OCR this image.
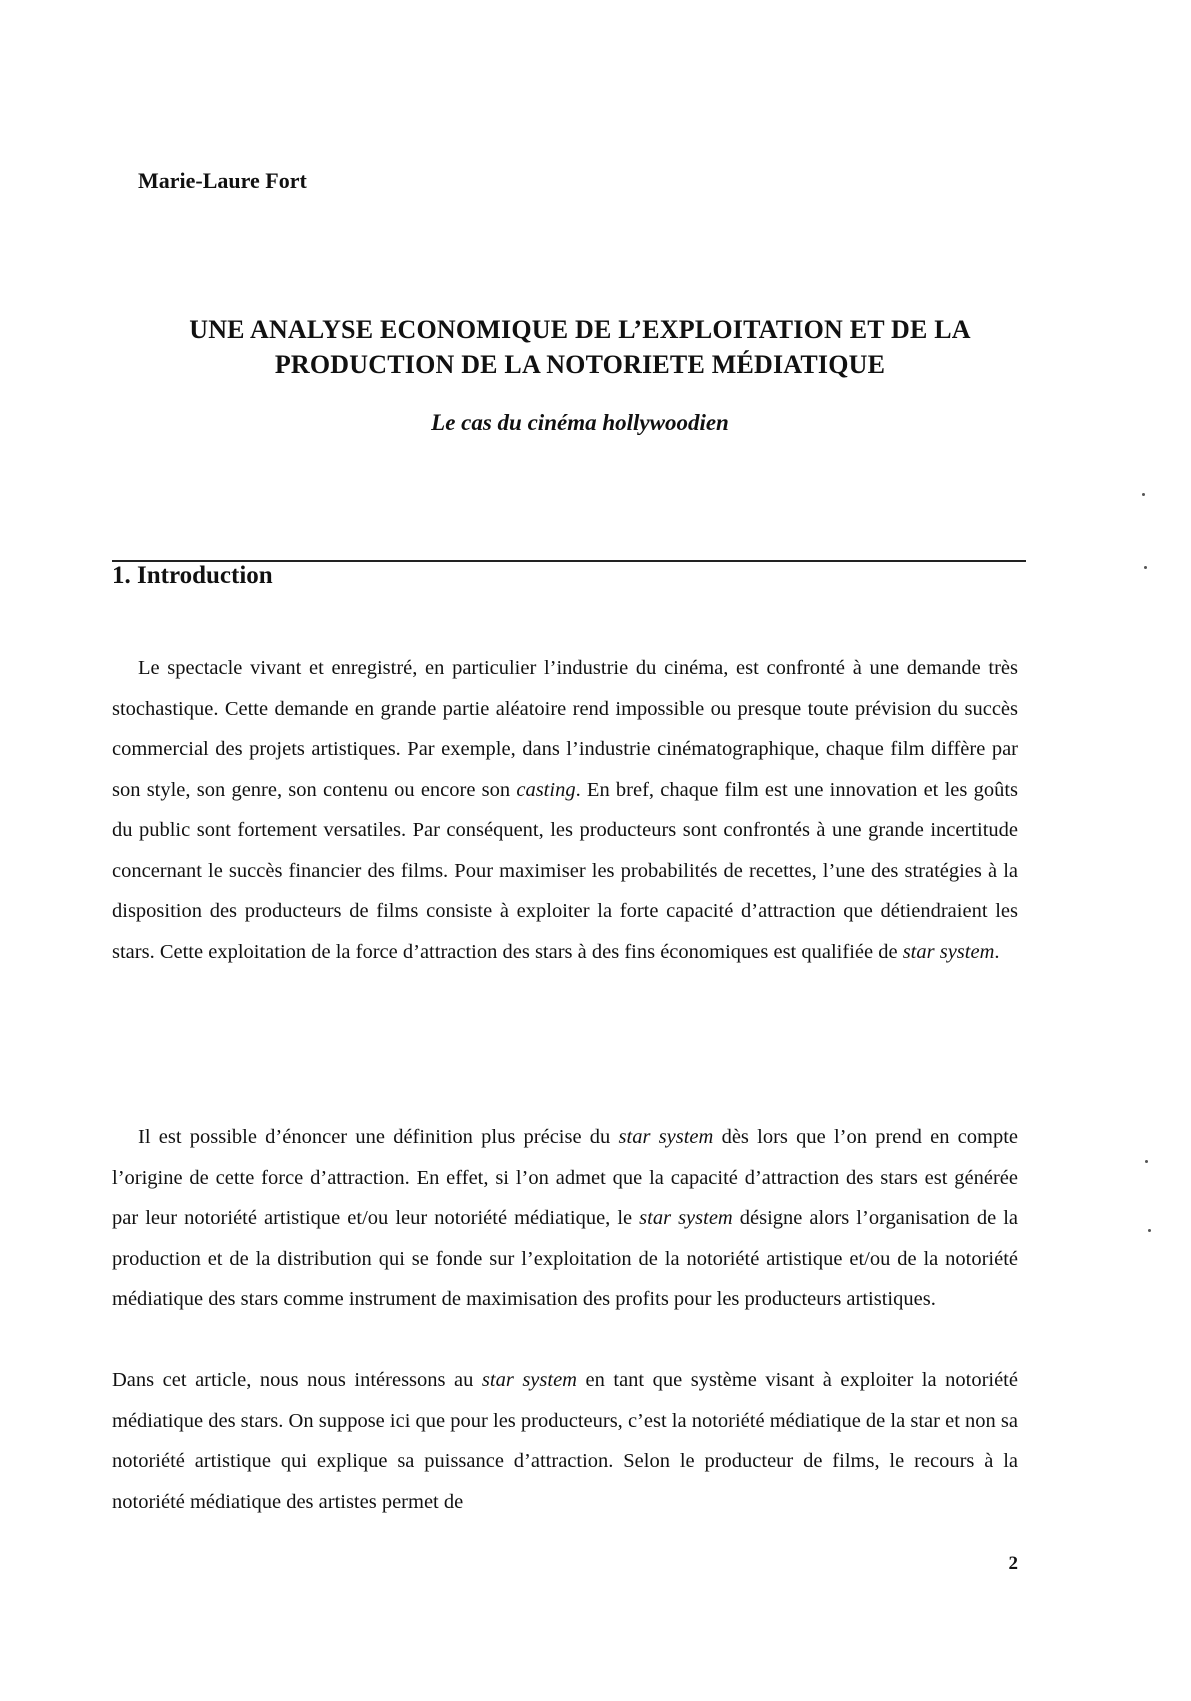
Marie-Laure Fort
UNE ANALYSE ECONOMIQUE DE L’EXPLOITATION ET DE LA
PRODUCTION DE LA NOTORIETE MÉDIATIQUE
Le cas du cinéma hollywoodien
1. Introduction
Le spectacle vivant et enregistré, en particulier l’industrie du cinéma, est confronté à une demande très stochastique. Cette demande en grande partie aléatoire rend impossible ou presque toute prévision du succès commercial des projets artistiques. Par exemple, dans l’industrie cinématographique, chaque film diffère par son style, son genre, son contenu ou encore son casting. En bref, chaque film est une innovation et les goûts du public sont fortement versatiles. Par conséquent, les producteurs sont confrontés à une grande incertitude concernant le succès financier des films. Pour maximiser les probabilités de recettes, l’une des stratégies à la disposition des producteurs de films consiste à exploiter la forte capacité d’attraction que détiendraient les stars. Cette exploitation de la force d’attraction des stars à des fins économiques est qualifiée de star system.
Il est possible d’énoncer une définition plus précise du star system dès lors que l’on prend en compte l’origine de cette force d’attraction. En effet, si l’on admet que la capacité d’attraction des stars est générée par leur notoriété artistique et/ou leur notoriété médiatique, le star system désigne alors l’organisation de la production et de la distribution qui se fonde sur l’exploitation de la notoriété artistique et/ou de la notoriété médiatique des stars comme instrument de maximisation des profits pour les producteurs artistiques.
Dans cet article, nous nous intéressons au star system en tant que système visant à exploiter la notoriété médiatique des stars. On suppose ici que pour les producteurs, c’est la notoriété médiatique de la star et non sa notoriété artistique qui explique sa puissance d’attraction. Selon le producteur de films, le recours à la notoriété médiatique des artistes permet de
2
